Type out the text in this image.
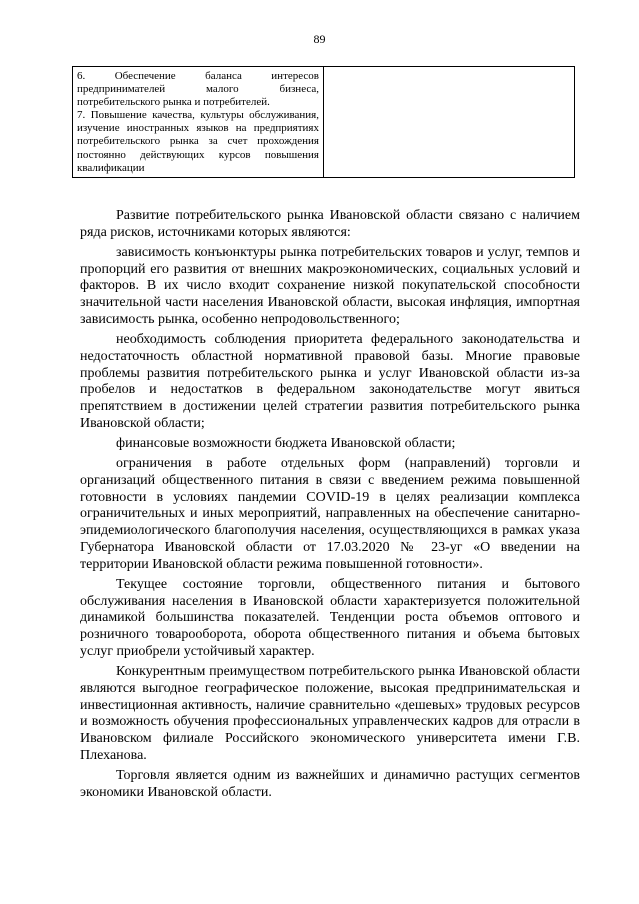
89

6. Обеспечение баланса интересов предпринимателей малого бизнеса, потребительского рынка и потребителей.

7. Повышение качества, культуры обслуживания, изучение иностранных языков на предприятиях потребительского рынка за счет прохождения постоянно действующих курсов повышения квалификации

Развитие потребительского рынка Ивановской области связано с наличием ряда рисков, источниками которых являются:

зависимость конъюнктуры рынка потребительских товаров и услуг, темпов и пропорций его развития от внешних макроэкономических, социальных условий и факторов. В их число входит сохранение низкой покупательской способности значительной части населения Ивановской области, высокая инфляция, импортная зависимость рынка, особенно непродовольственного;

необходимость соблюдения приоритета федерального законодательства и недостаточность областной нормативной правовой базы. Многие правовые проблемы развития потребительского рынка и услуг Ивановской области из-за пробелов и недостатков в федеральном законодательстве могут явиться препятствием в достижении целей стратегии развития потребительского рынка Ивановской области;

финансовые возможности бюджета Ивановской области;

ограничения в работе отдельных форм (направлений) торговли и организаций общественного питания в связи с введением режима повышенной готовности в условиях пандемии COVID-19 в целях реализации комплекса ограничительных и иных мероприятий, направленных на обеспечение санитарно-эпидемиологического благополучия населения, осуществляющихся в рамках указа Губернатора Ивановской области от 17.03.2020 № 23-уг «О введении на территории Ивановской области режима повышенной готовности».

Текущее состояние торговли, общественного питания и бытового обслуживания населения в Ивановской области характеризуется положительной динамикой большинства показателей. Тенденции роста объемов оптового и розничного товарооборота, оборота общественного питания и объема бытовых услуг приобрели устойчивый характер.

Конкурентным преимуществом потребительского рынка Ивановской области являются выгодное географическое положение, высокая предпринимательская и инвестиционная активность, наличие сравнительно «дешевых» трудовых ресурсов и возможность обучения профессиональных управленческих кадров для отрасли в Ивановском филиале Российского экономического университета имени Г.В. Плеханова.

Торговля является одним из важнейших и динамично растущих сегментов экономики Ивановской области.
